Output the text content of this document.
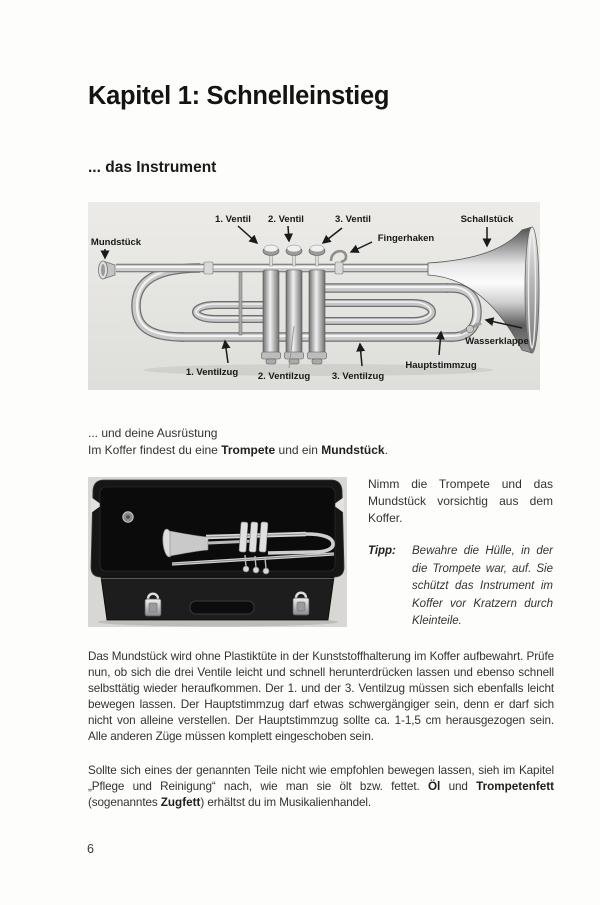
Kapitel 1: Schnelleinstieg
... das Instrument
Mundstück
1. Ventil 2. Ventil	3. Ventil
Fingerhaken
Schallstück
1. Ventilzug 2. Ventilzug 3. Ventilzug
Hauptstimmzug
Wasserklappe
... und deine Ausrüstung
Im Koffer findest du eine Trompete und ein Mundstück.

Nimm die Trompete und das Mundstück vorsichtig aus dem Koffer.

Tipp:	Bewahre die Hülle, in der die Trompete war, auf. Sie schützt das Instrument im Koffer vor Kratzern durch Kleinteile.
Das Mundstück wird ohne Plastiktüte in der Kunststoffhalterung im Koffer aufbewahrt. Prüfe nun, ob sich die drei Ventile leicht und schnell herunterdrücken lassen und ebenso schnell selbsttätig wieder heraufkommen. Der 1. und der 3. Ventilzug müssen sich ebenfalls leicht bewegen lassen. Der Hauptstimmzug darf etwas schwergängiger sein, denn er darf sich nicht von alleine verstellen. Der Hauptstimmzug sollte ca. 1-1,5 cm herausgezogen sein. Alle anderen Züge müssen komplett eingeschoben sein.
Sollte sich eines der genannten Teile nicht wie empfohlen bewegen lassen, sieh im Kapitel „Pflege und Reinigung“ nach, wie man sie ölt bzw. fettet. Öl und Trompetenfett (sogenanntes Zugfett) erhältst du im Musikalienhandel.
6
